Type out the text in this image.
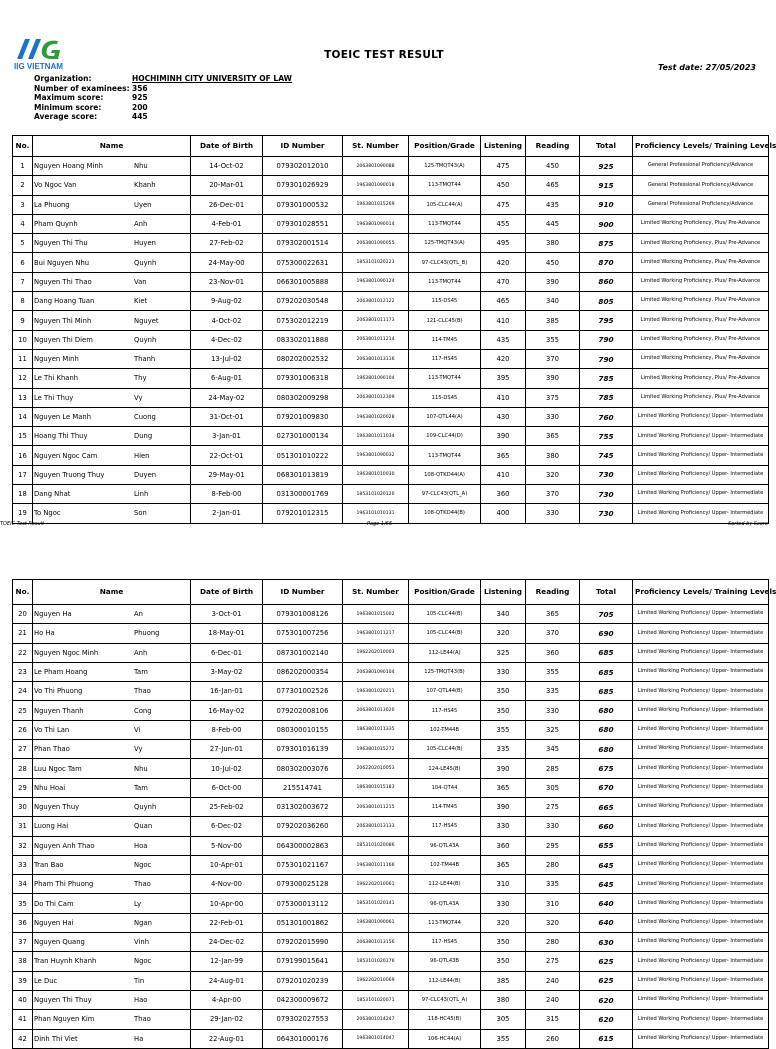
IIG VIETNAM
TOEIC TEST RESULT
Test date: 27/05/2023
Organization:	HOCHIMINH CITY UNIVERSITY OF LAW
Number of examinees: 356
Maximum score:	925
Minimum score:	200
Average score:	445
No.	Name	Date of Birth	ID Number	St. Number	Position/Grade	Listening	Reading	Total	Proficiency Levels/ Training Levels
1	Nguyen Hoang Minh Nhu	14-Oct-02	079302012010	2063801090088	125-TMQT43(A)	475	450	925	General Professional Proficiency/Advance
2	Vo Ngoc Van Khanh	20-Mar-01	079301026929	1963801090018	113-TMQT44	450	465	915	General Professional Proficiency/Advance
3	La Phuong Uyen	26-Dec-01	079301000532	1963801015269	105-CLC44(A)	475	435	910	General Professional Proficiency/Advance
4	Pham Quynh Anh	4-Feb-01	079301028551	1963801090014	113-TMQT44	455	445	900	Limited Working Proficiency, Plus/ Pre-Advance
5	Nguyen Thi Thu Huyen	27-Feb-02	079302001514	2063801090055	125-TMQT43(A)	495	380	875	Limited Working Proficiency, Plus/ Pre-Advance
6	Bui Nguyen Nhu Quynh	24-May-00	075300022631	1853101020223	97-CLC43(QTL_B)	420	450	870	Limited Working Proficiency, Plus/ Pre-Advance
7	Nguyen Thi Thao Van	23-Nov-01	066301005888	1963801090124	113-TMQT44	470	390	860	Limited Working Proficiency, Plus/ Pre-Advance
8	Dang Hoang Tuan Kiet	9-Aug-02	079202030548	2063801012122	115-DS45	465	340	805	Limited Working Proficiency, Plus/ Pre-Advance
9	Nguyen Thi Minh Nguyet	4-Oct-02	075302012219	2063801011173	121-CLC45(B)	410	385	795	Limited Working Proficiency, Plus/ Pre-Advance
10	Nguyen Thi Diem Quynh	4-Dec-02	083302011888	2063801011214	114-TM45	435	355	790	Limited Working Proficiency, Plus/ Pre-Advance
11	Nguyen Minh Thanh	13-Jul-02	080202002532	2063801013116	117-HS45	420	370	790	Limited Working Proficiency, Plus/ Pre-Advance
12	Le Thi Khanh Thy	6-Aug-01	079301006318	1963801090104	113-TMQT44	395	390	785	Limited Working Proficiency, Plus/ Pre-Advance
13	Le Thi Thuy Vy	24-May-02	080302009298	2063801012309	115-DS45	410	375	785	Limited Working Proficiency, Plus/ Pre-Advance
14	Nguyen Le Manh Cuong	31-Oct-01	079201009830	1963801020028	107-QTL44(A)	430	330	760	Limited Working Proficiency/ Upper- Intermediate
15	Hoang Thi Thuy Dung	3-Jan-01	027301000134	1963801011034	109-CLC44(D)	390	365	755	Limited Working Proficiency/ Upper- Intermediate
16	Nguyen Ngoc Cam Hien	22-Oct-01	051301010222	1963801090032	113-TMQT44	365	380	745	Limited Working Proficiency/ Upper- Intermediate
17	Nguyen Truong Thuy Duyen	29-May-01	068301013819	1963801010030	108-QTKD44(A)	410	320	730	Limited Working Proficiency/ Upper- Intermediate
18	Dang Nhat Linh	8-Feb-00	031300001769	1853101020120	97-CLC43(QTL_A)	360	370	730	Limited Working Proficiency/ Upper- Intermediate
19	To Ngoc Son	2-Jan-01	079201012315	1963101010131	108-QTKD44(B)	400	330	730	Limited Working Proficiency/ Upper- Intermediate
TOEIC Test Result	Page 1/66	Sorted by Score
No.	Name	Date of Birth	ID Number	St. Number	Position/Grade	Listening	Reading	Total	Proficiency Levels/ Training Levels
20	Nguyen Ha An	3-Oct-01	079301008126	1963801015002	105-CLC44(B)	340	365	705	Limited Working Proficiency/ Upper- Intermediate
21	Ho Ha Phuong	18-May-01	075301007256	1963801011217	105-CLC44(B)	320	370	690	Limited Working Proficiency/ Upper- Intermediate
22	Nguyen Ngoc Minh Anh	6-Dec-01	087301002140	1962202010003	112-LE44(A)	325	360	685	Limited Working Proficiency/ Upper- Intermediate
23	Le Pham Hoang Tam	3-May-02	086202000354	2063801090104	125-TMQT43(B)	330	355	685	Limited Working Proficiency/ Upper- Intermediate
24	Vo Thi Phuong Thao	16-Jan-01	077301002526	1963801020211	107-QTL44(B)	350	335	685	Limited Working Proficiency/ Upper- Intermediate
25	Nguyen Thanh Cong	16-May-02	079202008106	2063801013020	117-HS45	350	330	680	Limited Working Proficiency/ Upper- Intermediate
26	Vo Thi Lan Vi	8-Feb-00	080300010155	1863801011335	102-TM44B	355	325	680	Limited Working Proficiency/ Upper- Intermediate
27	Phan Thao Vy	27-Jun-01	079301016139	1963801015272	105-CLC44(B)	335	345	680	Limited Working Proficiency/ Upper- Intermediate
28	Luu Ngoc Tam Nhu	10-Jul-02	080302003076	2062202010053	124-LE45(B)	390	285	675	Limited Working Proficiency/ Upper- Intermediate
29	Nhu Hoai Tam	6-Oct-00	215514741	1863801015183	104-QT44	365	305	670	Limited Working Proficiency/ Upper- Intermediate
30	Nguyen Thuy Quynh	25-Feb-02	031302003672	2063801011215	114-TM45	390	275	665	Limited Working Proficiency/ Upper- Intermediate
31	Luong Hai Quan	6-Dec-02	079202036260	2063801013133	117-HS45	330	330	660	Limited Working Proficiency/ Upper- Intermediate
32	Nguyen Anh Thao Hoa	5-Nov-00	064300002863	1853101020086	96-QTL43A	360	295	655	Limited Working Proficiency/ Upper- Intermediate
33	Tran Bao Ngoc	10-Apr-01	075301021167	1963801011166	102-TM44B	365	280	645	Limited Working Proficiency/ Upper- Intermediate
34	Pham Thi Phuong Thao	4-Nov-00	079300025128	1962202010061	112-LE44(B)	310	335	645	Limited Working Proficiency/ Upper- Intermediate
35	Do Thi Cam Ly	10-Apr-00	075300013112	1853101020141	96-QTL43A	330	310	640	Limited Working Proficiency/ Upper- Intermediate
36	Nguyen Hai Ngan	22-Feb-01	051301001862	1963801090061	113-TMQT44	320	320	640	Limited Working Proficiency/ Upper- Intermediate
37	Nguyen Quang Vinh	24-Dec-02	079202015990	2063801013156	117-HS45	350	280	630	Limited Working Proficiency/ Upper- Intermediate
38	Tran Huynh Khanh Ngoc	12-Jan-99	079199015641	1853101020176	96-QTL43B	350	275	625	Limited Working Proficiency/ Upper- Intermediate
39	Le Duc Tin	24-Aug-01	079201020239	1962202010069	112-LE44(B)	385	240	625	Limited Working Proficiency/ Upper- Intermediate
40	Nguyen Thi Thuy Hao	4-Apr-00	042300009672	1853101020071	97-CLC43(QTL_A)	380	240	620	Limited Working Proficiency/ Upper- Intermediate
41	Phan Nguyen Kim Thao	29-Jan-02	079302027553	2063801014247	118-HC45(B)	305	315	620	Limited Working Proficiency/ Upper- Intermediate
42	Dinh Thi Viet Ha	22-Aug-01	064301000176	1963801014047	106-HC44(A)	355	260	615	Limited Working Proficiency/ Upper- Intermediate
